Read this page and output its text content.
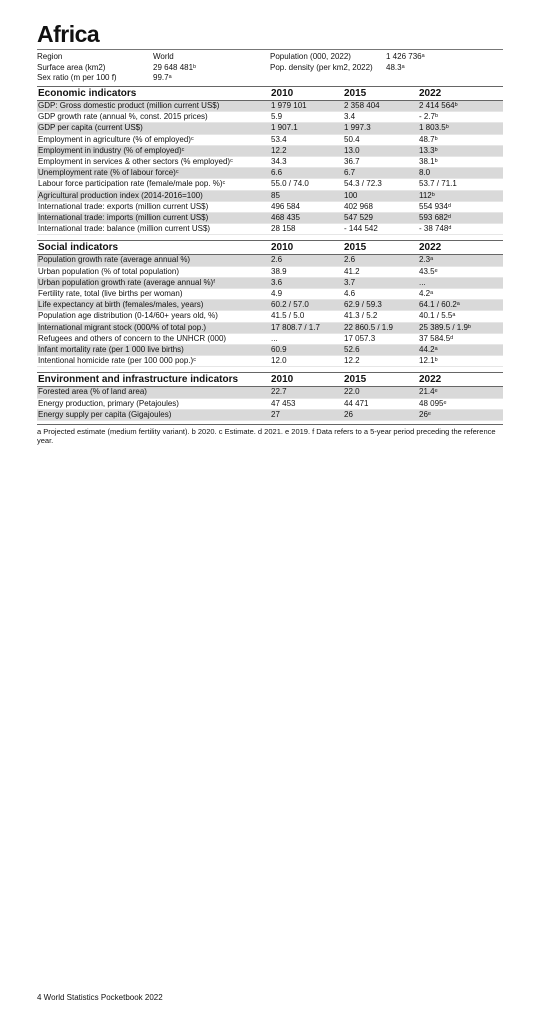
Africa
Region	World
Surface area (km2)	29 648 481ᵇ
Sex ratio (m per 100 f)	99.7ᵃ
Population (000, 2022)	1 426 736ᵃ
Pop. density (per km2, 2022) 48.3ᵃ
Economic indicators	2010	2015	2022
GDP: Gross domestic product (million current US$)	1 979 101	2 358 404	2 414 564ᵇ
GDP growth rate (annual %, const. 2015 prices)	5.9	3.4	- 2.7ᵇ
GDP per capita (current US$)	1 907.1	1 997.3	1 803.5ᵇ
Employment in agriculture (% of employed)ᶜ	53.4	50.4	48.7ᵇ
Employment in industry (% of employed)ᶜ	12.2	13.0	13.3ᵇ
Employment in services & other sectors (% employed)ᶜ	34.3	36.7	38.1ᵇ
Unemployment rate (% of labour force)ᶜ	6.6	6.7	8.0
Labour force participation rate (female/male pop. %)ᶜ	55.0 / 74.0	54.3 / 72.3	53.7 / 71.1
Agricultural production index (2014-2016=100)	85	100	112ᵇ
International trade: exports (million current US$)	496 584	402 968	554 934ᵈ
International trade: imports (million current US$)	468 435	547 529	593 682ᵈ
International trade: balance (million current US$)	28 158	- 144 542	- 38 748ᵈ

Social indicators	2010	2015	2022
Population growth rate (average annual %)	2.6	2.6	2.3ᵃ
Urban population (% of total population)	38.9	41.2	43.5ᵉ
Urban population growth rate (average annual %)ᶠ	3.6	3.7	...
Fertility rate, total (live births per woman)	4.9	4.6	4.2ᵃ
Life expectancy at birth (females/males, years)	60.2 / 57.0	62.9 / 59.3	64.1 / 60.2ᵃ
Population age distribution (0-14/60+ years old, %)	41.5 / 5.0	41.3 / 5.2	40.1 / 5.5ᵃ
International migrant stock (000/% of total pop.)	17 808.7 / 1.7	22 860.5 / 1.9	25 389.5 / 1.9ᵇ
Refugees and others of concern to the UNHCR (000)	...	17 057.3	37 584.5ᵈ
Infant mortality rate (per 1 000 live births)	60.9	52.6	44.2ᵃ
Intentional homicide rate (per 100 000 pop.)ᶜ	12.0	12.2	12.1ᵇ

Environment and infrastructure indicators	2010	2015	2022
Forested area (% of land area)	22.7	22.0	21.4ᵉ
Energy production, primary (Petajoules)	47 453	44 471	48 095ᵉ
Energy supply per capita (Gigajoules)	27	26	26ᵉ
a Projected estimate (medium fertility variant). b 2020. c Estimate. d 2021. e 2019. f Data refers to a 5-year period preceding the reference year.
4 World Statistics Pocketbook 2022
